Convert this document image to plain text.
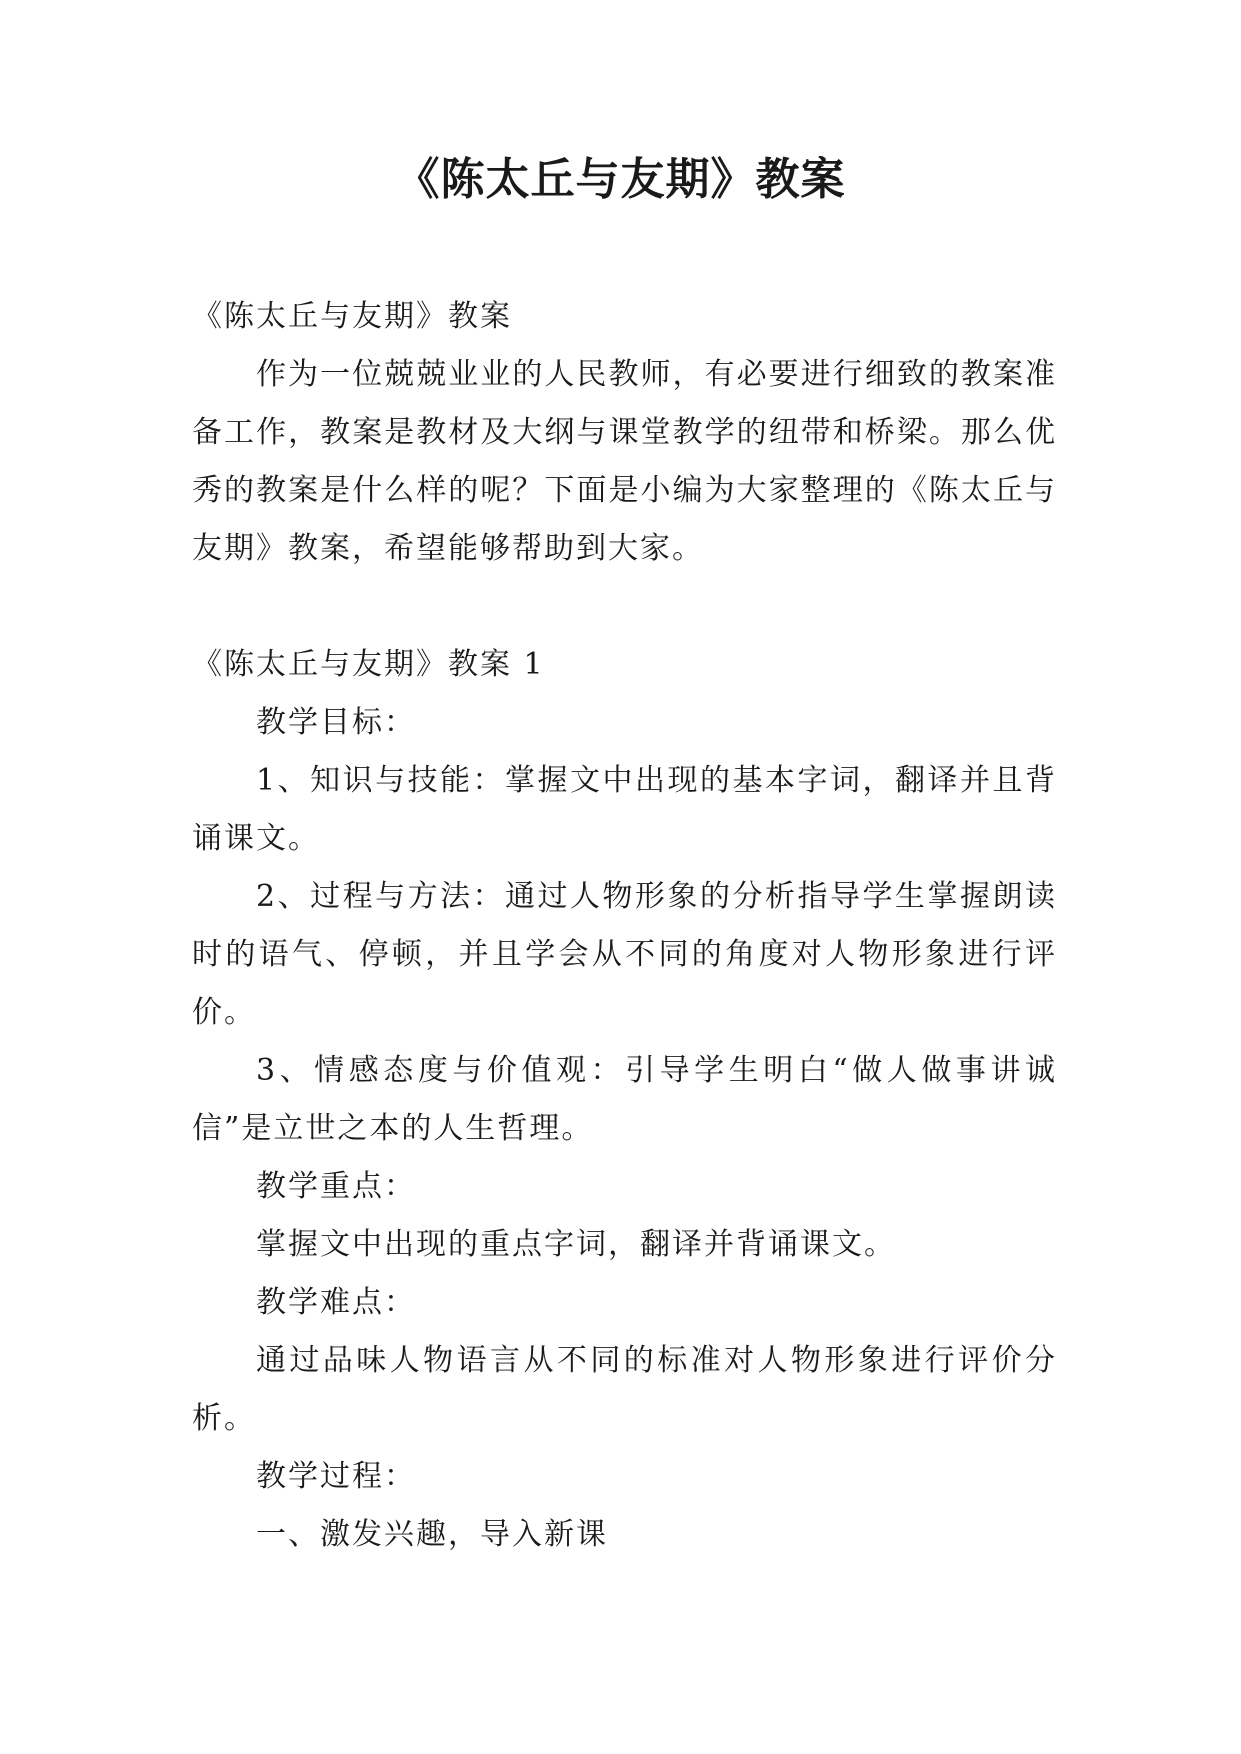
《陈太丘与友期》教案

《陈太丘与友期》教案

作为一位兢兢业业的人民教师，有必要进行细致的教案准备工作，教案是教材及大纲与课堂教学的纽带和桥梁。那么优秀的教案是什么样的呢？下面是小编为大家整理的《陈太丘与友期》教案，希望能够帮助到大家。

《陈太丘与友期》教案 1

教学目标：

1、知识与技能：掌握文中出现的基本字词，翻译并且背诵课文。

2、过程与方法：通过人物形象的分析指导学生掌握朗读时的语气、停顿，并且学会从不同的角度对人物形象进行评价。

3、情感态度与价值观：引导学生明白“做人做事讲诚信”是立世之本的人生哲理。

教学重点：

掌握文中出现的重点字词，翻译并背诵课文。

教学难点：

通过品味人物语言从不同的标准对人物形象进行评价分析。

教学过程：

一、激发兴趣，导入新课
